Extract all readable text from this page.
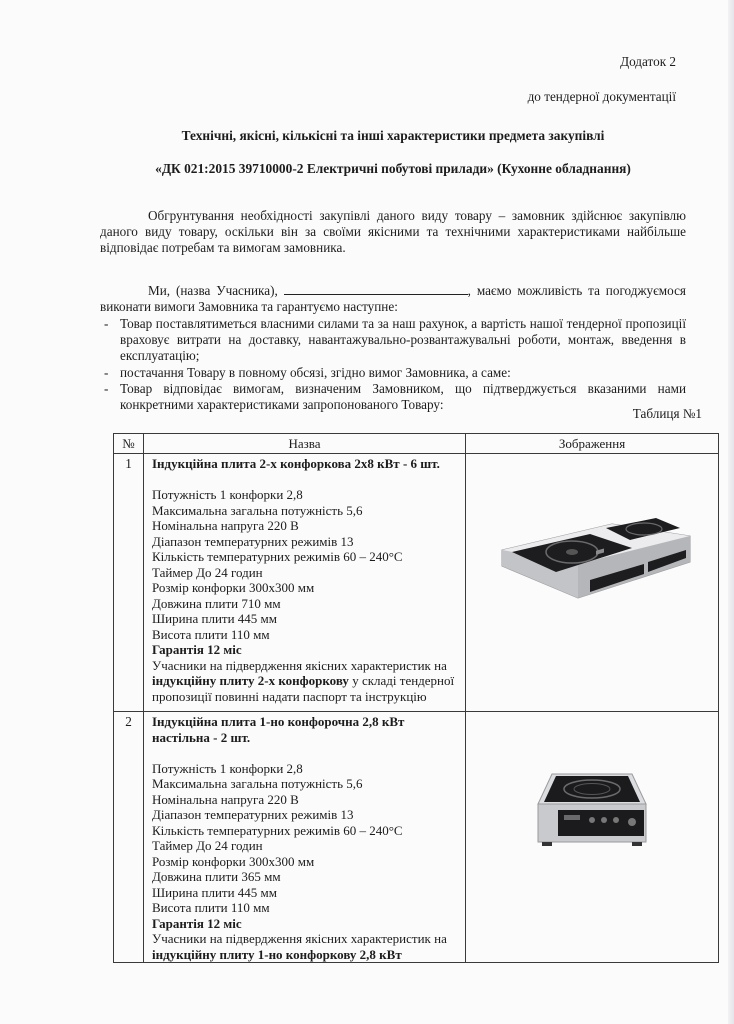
Додаток 2
до тендерної документації
Технічні, якісні, кількісні та інші характеристики предмета закупівлі
«ДК 021:2015 39710000-2 Електричні побутові прилади» (Кухонне обладнання)
Обгрунтування необхідності закупівлі даного виду товару – замовник здійснює закупівлю даного виду товару, оскільки він за своїми якісними та технічними характеристиками найбільше відповідає потребам та вимогам замовника.
Ми, (назва Учасника),	, маємо можливість та погоджуємося виконати вимоги Замовника та гарантуємо наступне:
- Товар поставлятиметься власними силами та за наш рахунок, а вартість нашої тендерної пропозиції враховує витрати на доставку, навантажувально-розвантажувальні роботи, монтаж, введення в експлуатацію;
- постачання Товару в повному обсязі, згідно вимог Замовника, а саме:
- Товар відповідає вимогам, визначеним Замовником, що підтверджується вказаними нами конкретними характеристиками запропонованого Товару:
Таблиця №1
№	Назва	Зображення
1	Індукційна плита 2-х конфоркова 2х8 кВт - 6 шт.
Потужність 1 конфорки 2,8
Максимальна загальна потужність 5,6
Номінальна напруга 220 В
Діапазон температурних режимів 13
Кількість температурних режимів 60 – 240°С
Таймер До 24 годин
Розмір конфорки 300х300 мм
Довжина плити 710 мм
Ширина плити 445 мм
Висота плити 110 мм
Гарантія 12 міс
Учасники на підвердження якісних характеристик на індукційну плиту 2-х конфоркову у складі тендерної пропозиції повинні надати паспорт та інструкцію

2	Індукційна плита 1-но конфорочна 2,8 кВт настільна - 2 шт.
Потужність 1 конфорки 2,8
Максимальна загальна потужність 5,6
Номінальна напруга 220 В
Діапазон температурних режимів 13
Кількість температурних режимів 60 – 240°С
Таймер До 24 годин
Розмір конфорки 300х300 мм
Довжина плити 365 мм
Ширина плити 445 мм
Висота плити 110 мм
Гарантія 12 міс
Учасники на підвердження якісних характеристик на індукційну плиту 1-но конфоркову 2,8 кВт
